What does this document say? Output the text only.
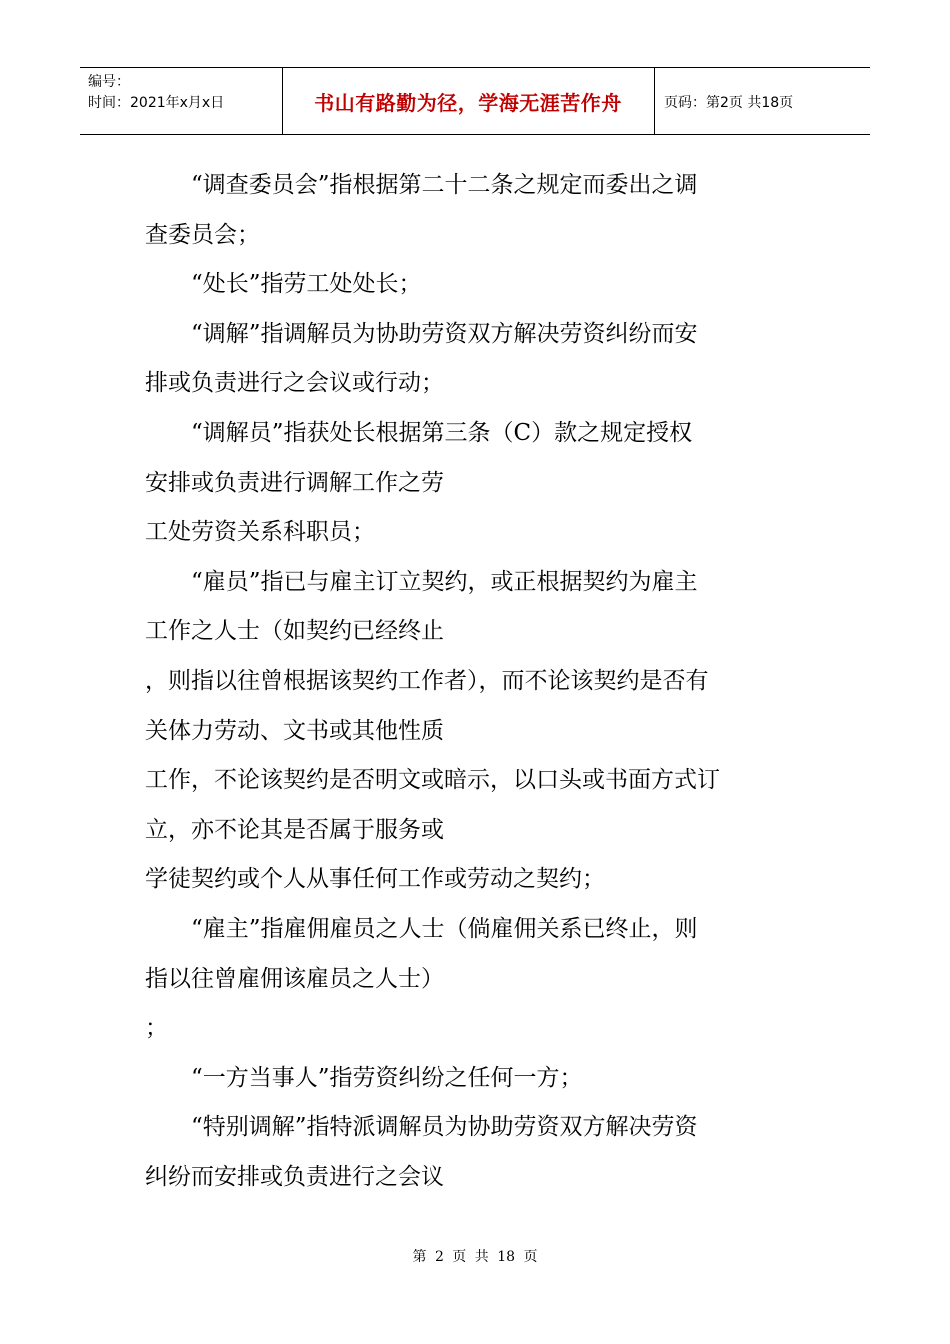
编号：
时间：2021年x月x日	书山有路勤为径，学海无涯苦作舟	页码：第2页 共18页
“调查委员会”指根据第二十二条之规定而委出之调
查委员会；
“处长”指劳工处处长；
“调解”指调解员为协助劳资双方解决劳资纠纷而安
排或负责进行之会议或行动；
“调解员”指获处长根据第三条（C）款之规定授权
安排或负责进行调解工作之劳
工处劳资关系科职员；
“雇员”指已与雇主订立契约，或正根据契约为雇主
工作之人士（如契约已经终止
，则指以往曾根据该契约工作者），而不论该契约是否有
关体力劳动、文书或其他性质
工作，不论该契约是否明文或暗示，以口头或书面方式订
立，亦不论其是否属于服务或
学徒契约或个人从事任何工作或劳动之契约；
“雇主”指雇佣雇员之人士（倘雇佣关系已终止，则
指以往曾雇佣该雇员之人士）
；
“一方当事人”指劳资纠纷之任何一方；
“特别调解”指特派调解员为协助劳资双方解决劳资
纠纷而安排或负责进行之会议
第 2 页 共 18 页
